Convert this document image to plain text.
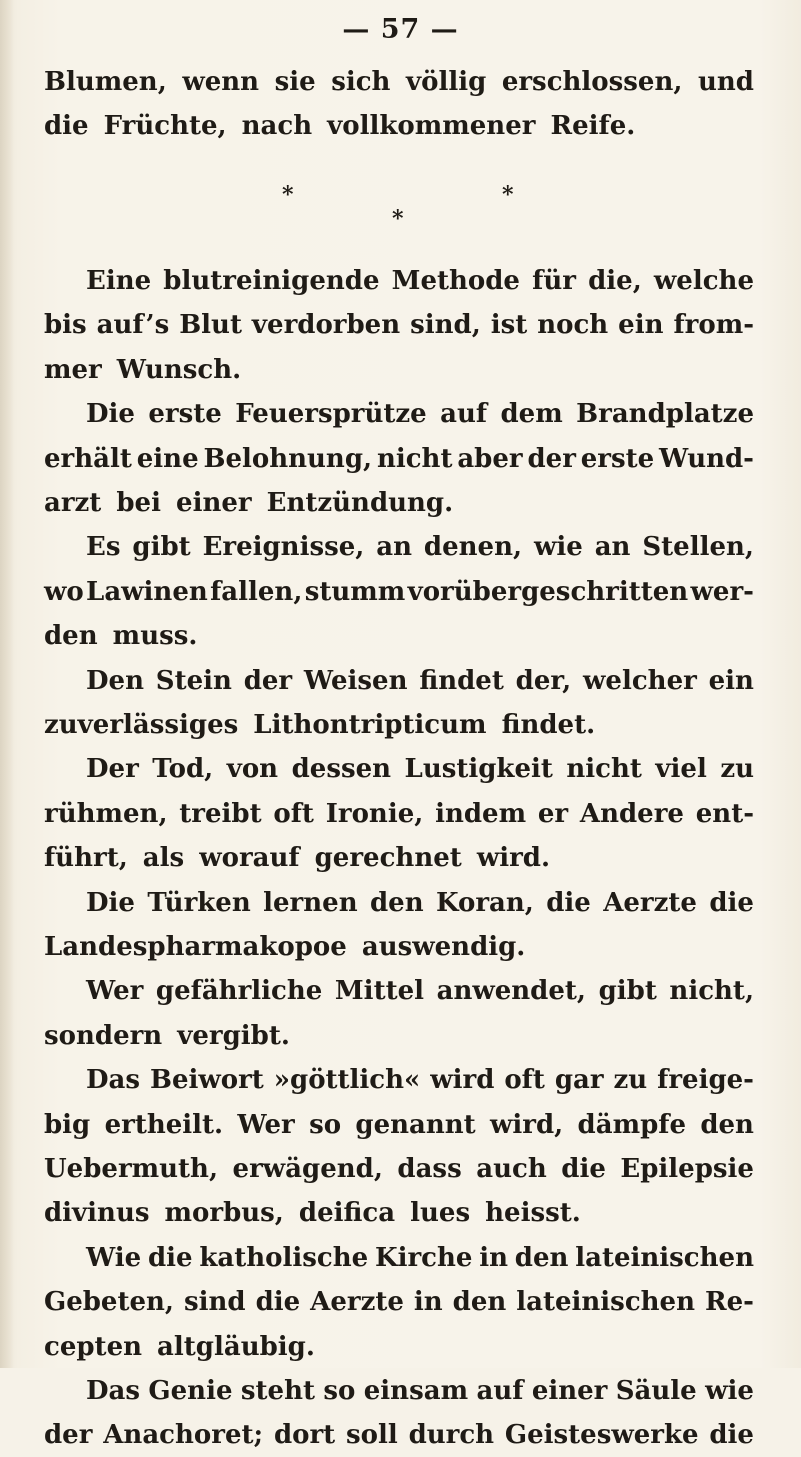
— 57 —
*	*
*
Blumen, wenn sie sich völlig erschlossen, und
die Früchte, nach vollkommener Reife.
Eine blutreinigende Methode für die, welche
bis auf’s Blut verdorben sind, ist noch ein from-
mer Wunsch.
Die erste Feuersprütze auf dem Brandplatze
erhält eine Belohnung, nicht aber der erste Wund-
arzt bei einer Entzündung.
Es gibt Ereignisse, an denen, wie an Stellen,
wo Lawinen fallen, stumm vorübergeschritten wer-
den muss.
Den Stein der Weisen findet der, welcher ein
zuverlässiges Lithontripticum findet.
Der Tod, von dessen Lustigkeit nicht viel zu
rühmen, treibt oft Ironie, indem er Andere ent-
führt, als worauf gerechnet wird.
Die Türken lernen den Koran, die Aerzte die
Landespharmakopoe auswendig.
Wer gefährliche Mittel anwendet, gibt nicht,
sondern vergibt.
Das Beiwort »göttlich« wird oft gar zu freige-
big ertheilt. Wer so genannt wird, dämpfe den
Uebermuth, erwägend, dass auch die Epilepsie
divinus morbus, deifica lues heisst.
Wie die katholische Kirche in den lateinischen
Gebeten, sind die Aerzte in den lateinischen Re-
cepten altgläubig.
Das Genie steht so einsam auf einer Säule wie
der Anachoret; dort soll durch Geisteswerke die
